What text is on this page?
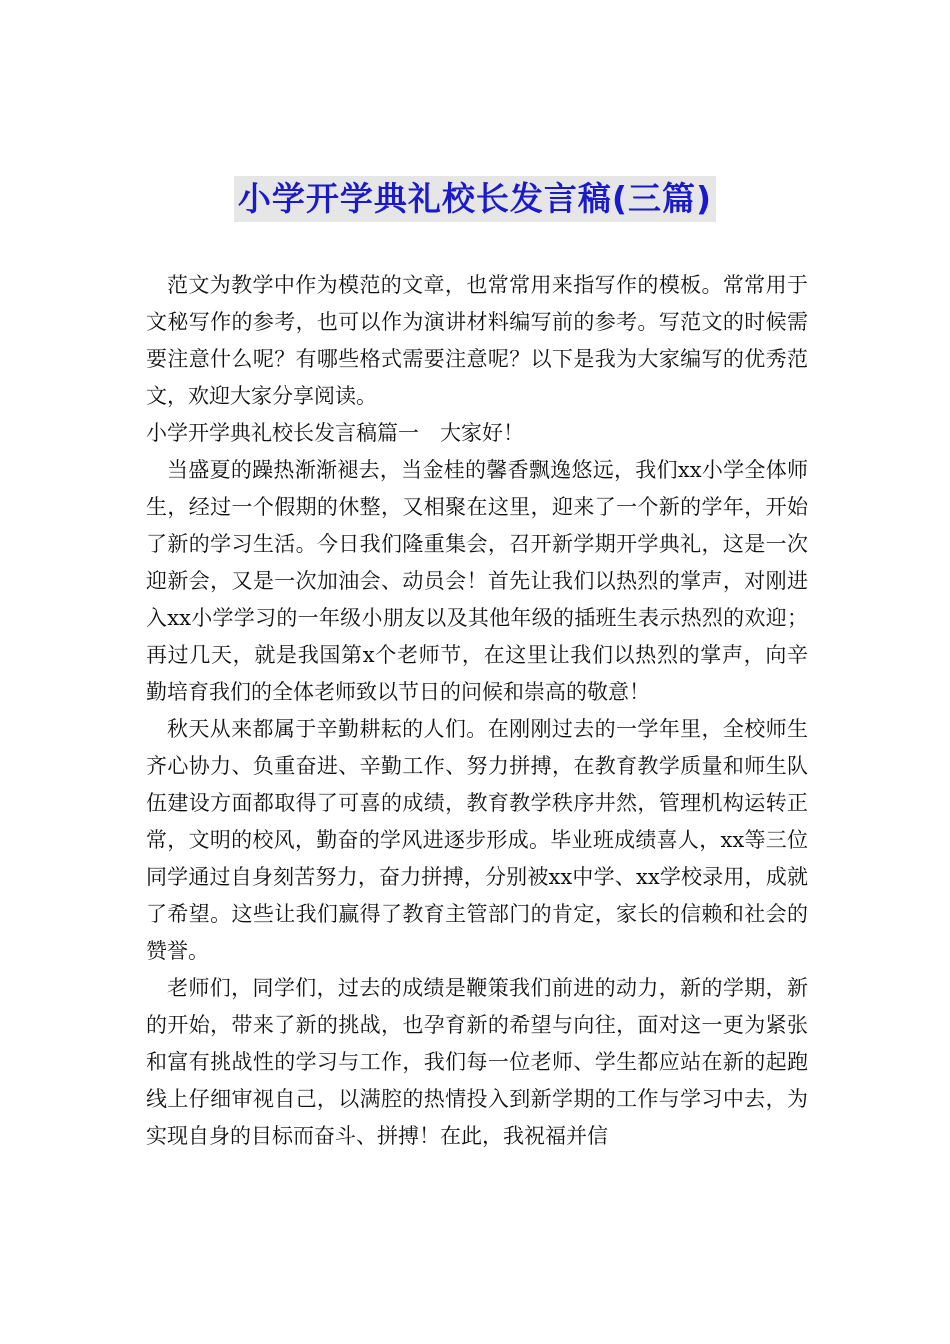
小学开学典礼校长发言稿(三篇)

范文为教学中作为模范的文章，也常常用来指写作的模板。常常用于文秘写作的参考，也可以作为演讲材料编写前的参考。写范文的时候需要注意什么呢？有哪些格式需要注意呢？以下是我为大家编写的优秀范文，欢迎大家分享阅读。

小学开学典礼校长发言稿篇一　大家好！

当盛夏的躁热渐渐褪去，当金桂的馨香飘逸悠远，我们xx小学全体师生，经过一个假期的休整，又相聚在这里，迎来了一个新的学年，开始了新的学习生活。今日我们隆重集会，召开新学期开学典礼，这是一次迎新会，又是一次加油会、动员会！首先让我们以热烈的掌声，对刚进入xx小学学习的一年级小朋友以及其他年级的插班生表示热烈的欢迎；再过几天，就是我国第x个老师节，在这里让我们以热烈的掌声，向辛勤培育我们的全体老师致以节日的问候和崇高的敬意！

秋天从来都属于辛勤耕耘的人们。在刚刚过去的一学年里，全校师生齐心协力、负重奋进、辛勤工作、努力拼搏，在教育教学质量和师生队伍建设方面都取得了可喜的成绩，教育教学秩序井然，管理机构运转正常，文明的校风，勤奋的学风进逐步形成。毕业班成绩喜人，xx等三位同学通过自身刻苦努力，奋力拼搏，分别被xx中学、xx学校录用，成就了希望。这些让我们赢得了教育主管部门的肯定，家长的信赖和社会的赞誉。

老师们，同学们，过去的成绩是鞭策我们前进的动力，新的学期，新的开始，带来了新的挑战，也孕育新的希望与向往，面对这一更为紧张和富有挑战性的学习与工作，我们每一位老师、学生都应站在新的起跑线上仔细审视自己，以满腔的热情投入到新学期的工作与学习中去，为实现自身的目标而奋斗、拼搏！在此，我祝福并信
